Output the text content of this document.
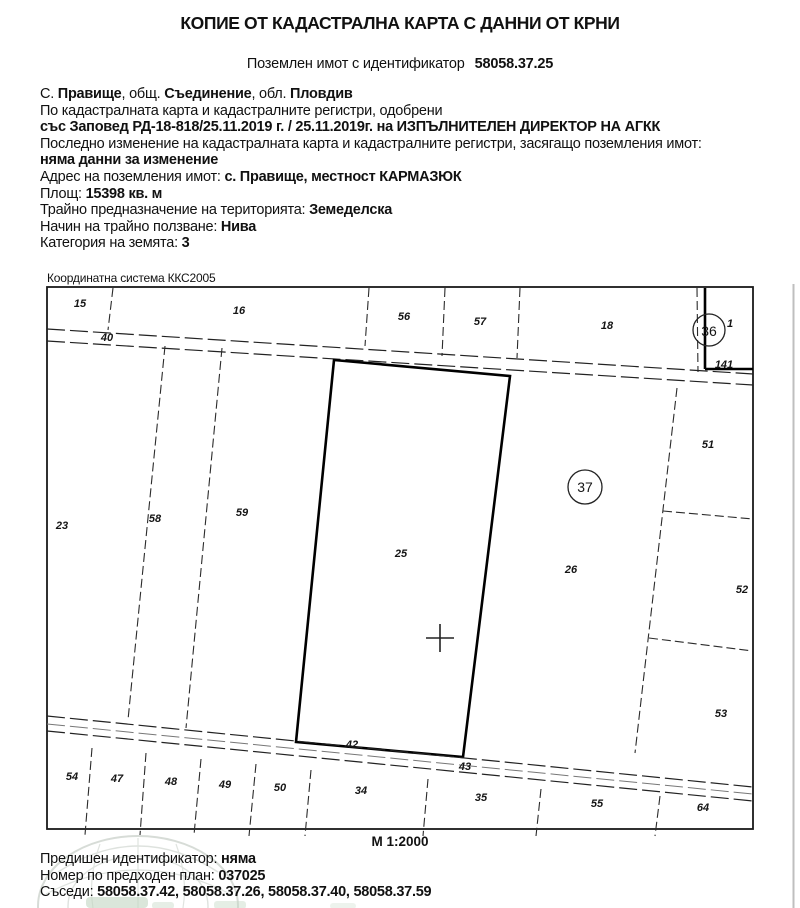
15
16	56	57	18	1
141
40
23
58	59
25
26
51
52
53
42
43
54	47	48	49	50	34
35	55	64
36
37
КОПИЕ ОТ КАДАСТРАЛНА КАРТА С ДАННИ ОТ КРНИ
Поземлен имот с идентификатор 58058.37.25
С. Правище, общ. Съединение, обл. Пловдив
По кадастралната карта и кадастралните регистри, одобрени
със Заповед РД-18-818/25.11.2019 г. / 25.11.2019г. на ИЗПЪЛНИТЕЛЕН ДИРЕКТОР НА АГКК
Последно изменение на кадастралната карта и кадастралните регистри, засягащо поземления имот:
няма данни за изменение
Адрес на поземления имот: с. Правище, местност КАРМАЗЮК
Площ: 15398 кв. м
Трайно предназначение на територията: Земеделска
Начин на трайно ползване: Нива
Категория на земята: 3
Координатна система ККС2005
М 1:2000
Предишен идентификатор: няма
Номер по предходен план: 037025
Съседи: 58058.37.42, 58058.37.26, 58058.37.40, 58058.37.59
